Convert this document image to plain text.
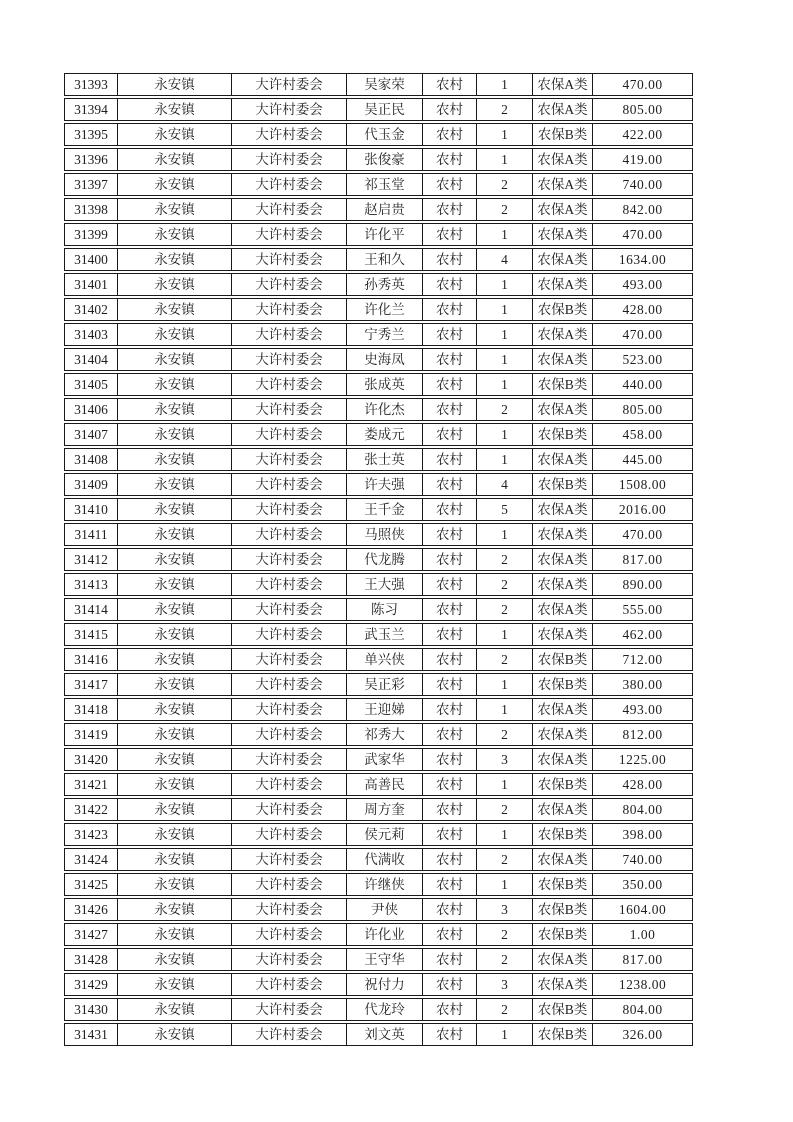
31393	永安镇	大许村委会	吴家荣	农村	1	农保A类	470.00
31394	永安镇	大许村委会	吴正民	农村	2	农保A类	805.00
31395	永安镇	大许村委会	代玉金	农村	1	农保B类	422.00
31396	永安镇	大许村委会	张俊豪	农村	1	农保A类	419.00
31397	永安镇	大许村委会	祁玉堂	农村	2	农保A类	740.00
31398	永安镇	大许村委会	赵启贵	农村	2	农保A类	842.00
31399	永安镇	大许村委会	许化平	农村	1	农保A类	470.00
31400	永安镇	大许村委会	王和久	农村	4	农保A类	1634.00
31401	永安镇	大许村委会	孙秀英	农村	1	农保A类	493.00
31402	永安镇	大许村委会	许化兰	农村	1	农保B类	428.00
31403	永安镇	大许村委会	宁秀兰	农村	1	农保A类	470.00
31404	永安镇	大许村委会	史海凤	农村	1	农保A类	523.00
31405	永安镇	大许村委会	张成英	农村	1	农保B类	440.00
31406	永安镇	大许村委会	许化杰	农村	2	农保A类	805.00
31407	永安镇	大许村委会	娄成元	农村	1	农保B类	458.00
31408	永安镇	大许村委会	张士英	农村	1	农保A类	445.00
31409	永安镇	大许村委会	许夫强	农村	4	农保B类	1508.00
31410	永安镇	大许村委会	王千金	农村	5	农保A类	2016.00
31411	永安镇	大许村委会	马照侠	农村	1	农保A类	470.00
31412	永安镇	大许村委会	代龙腾	农村	2	农保A类	817.00
31413	永安镇	大许村委会	王大强	农村	2	农保A类	890.00
31414	永安镇	大许村委会	陈习	农村	2	农保A类	555.00
31415	永安镇	大许村委会	武玉兰	农村	1	农保A类	462.00
31416	永安镇	大许村委会	单兴侠	农村	2	农保B类	712.00
31417	永安镇	大许村委会	吴正彩	农村	1	农保B类	380.00
31418	永安镇	大许村委会	王迎娣	农村	1	农保A类	493.00
31419	永安镇	大许村委会	祁秀大	农村	2	农保A类	812.00
31420	永安镇	大许村委会	武家华	农村	3	农保A类	1225.00
31421	永安镇	大许村委会	高善民	农村	1	农保B类	428.00
31422	永安镇	大许村委会	周方奎	农村	2	农保A类	804.00
31423	永安镇	大许村委会	侯元莉	农村	1	农保B类	398.00
31424	永安镇	大许村委会	代满收	农村	2	农保A类	740.00
31425	永安镇	大许村委会	许继侠	农村	1	农保B类	350.00
31426	永安镇	大许村委会	尹侠	农村	3	农保B类	1604.00
31427	永安镇	大许村委会	许化业	农村	2	农保B类	1.00
31428	永安镇	大许村委会	王守华	农村	2	农保A类	817.00
31429	永安镇	大许村委会	祝付力	农村	3	农保A类	1238.00
31430	永安镇	大许村委会	代龙玲	农村	2	农保B类	804.00
31431	永安镇	大许村委会	刘文英	农村	1	农保B类	326.00
